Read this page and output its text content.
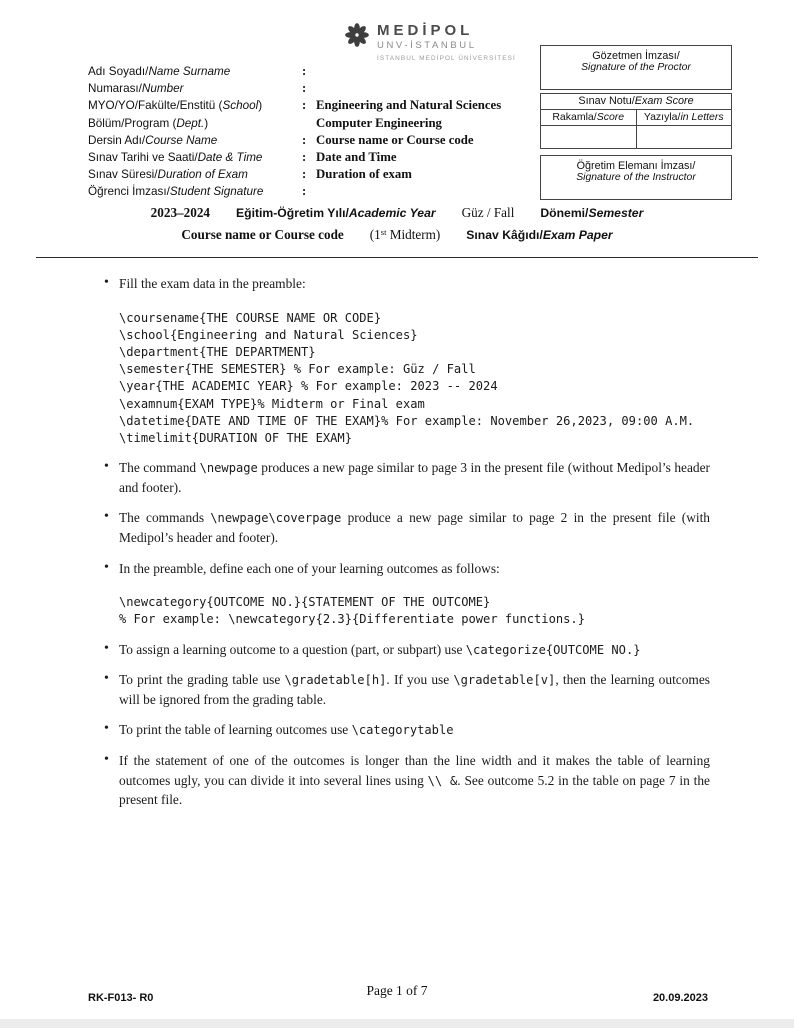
MEDİPOL
UNV-İSTANBUL
İSTANBUL MEDİPOL ÜNİVERSİTESİ
Adı Soyadı/Name Surname	:
Numarası/Number	:
MYO/YO/Fakülte/Enstitü (School)	: Engineering and Natural Sciences
Bölüm/Program (Dept.)	Computer Engineering
Dersin Adı/Course Name	: Course name or Course code
Sınav Tarihi ve Saati/Date & Time	: Date and Time
Sınav Süresi/Duration of Exam	: Duration of exam
Öğrenci İmzası/Student Signature	:
Gözetmen İmzası/
Signature of the Proctor
Sınav Notu/Exam Score
Rakamla/Score	Yazıyla/in Letters
Öğretim Elemanı İmzası/
Signature of the Instructor
2023–2024 Eğitim-Öğretim Yılı/Academic Year Güz / Fall Dönemi/Semester
Course name or Course code (1st Midterm) Sınav Kâğıdı/Exam Paper
• Fill the exam data in the preamble:
\coursename{THE COURSE NAME OR CODE}
\school{Engineering and Natural Sciences}
\department{THE DEPARTMENT}
\semester{THE SEMESTER} % For example: Güz / Fall
\year{THE ACADEMIC YEAR} % For example: 2023 -- 2024
\examnum{EXAM TYPE}% Midterm or Final exam
\datetime{DATE AND TIME OF THE EXAM}% For example: November 26,2023, 09:00 A.M.
\timelimit{DURATION OF THE EXAM}
• The command \newpage produces a new page similar to page 3 in the present file (without Medipol’s header and footer).
• The commands \newpage\coverpage produce a new page similar to page 2 in the present file (with Medipol’s header and footer).
• In the preamble, define each one of your learning outcomes as follows:
\newcategory{OUTCOME NO.}{STATEMENT OF THE OUTCOME}
% For example: \newcategory{2.3}{Differentiate power functions.}
• To assign a learning outcome to a question (part, or subpart) use \categorize{OUTCOME NO.}
• To print the grading table use \gradetable[h]. If you use \gradetable[v], then the learning outcomes will be ignored from the grading table.
• To print the table of learning outcomes use \categorytable
• If the statement of one of the outcomes is longer than the line width and it makes the table of learning outcomes ugly, you can divide it into several lines using \\ &. See outcome 5.2 in the table on page 7 in the present file.
Page 1 of 7
RK-F013- R0	20.09.2023
